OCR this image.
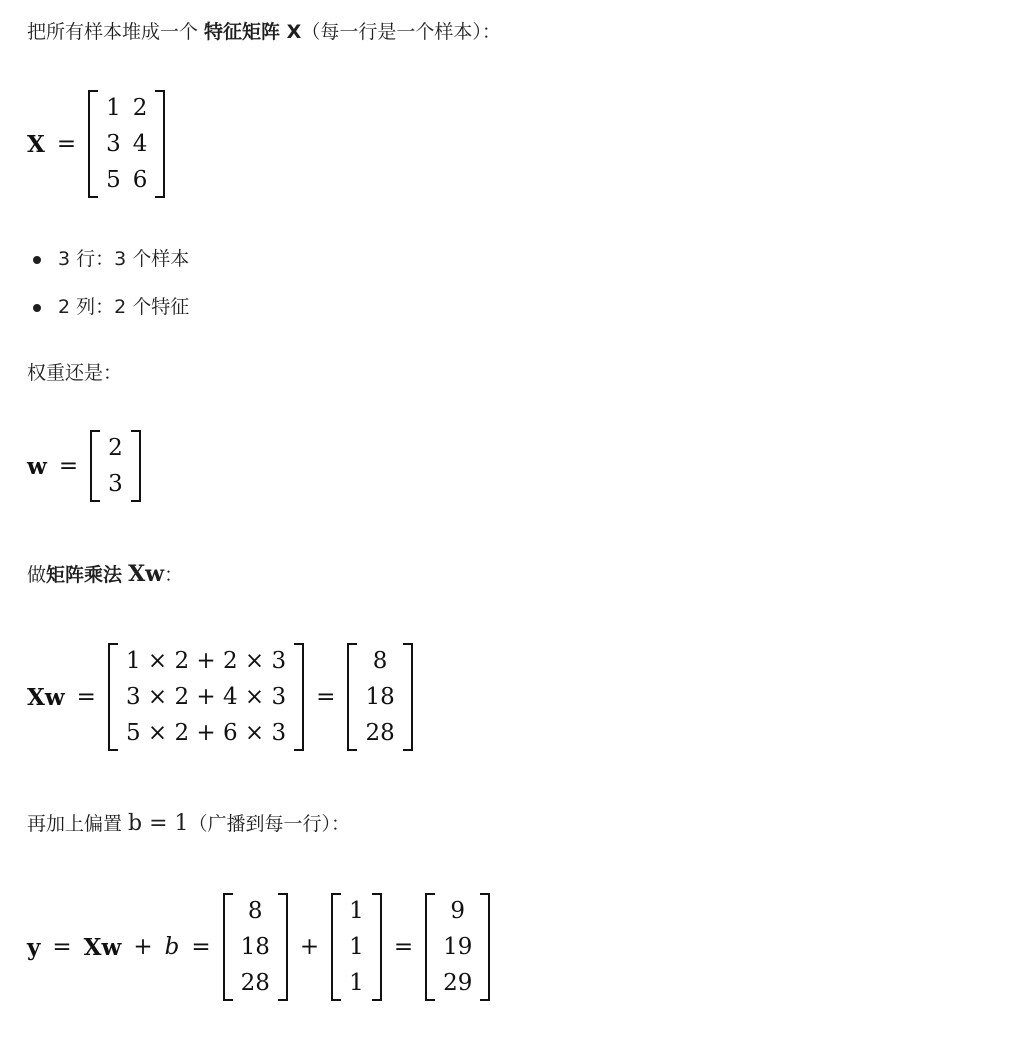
把所有样本堆成一个 特征矩阵 X（每一行是一个样本）：
X =
1	2
3	4
5	6
3 行：3 个样本
2 列：2 个特征
权重还是：
w =
2
3
做矩阵乘法 Xw：
Xw =
1 × 2 + 2 × 3
3 × 2 + 4 × 3
5 × 2 + 6 × 3
=
8
18
28
再加上偏置 b = 1（广播到每一行）：
y = Xw + b =
8
18
28
+
1
1
1
=
9
19
29
